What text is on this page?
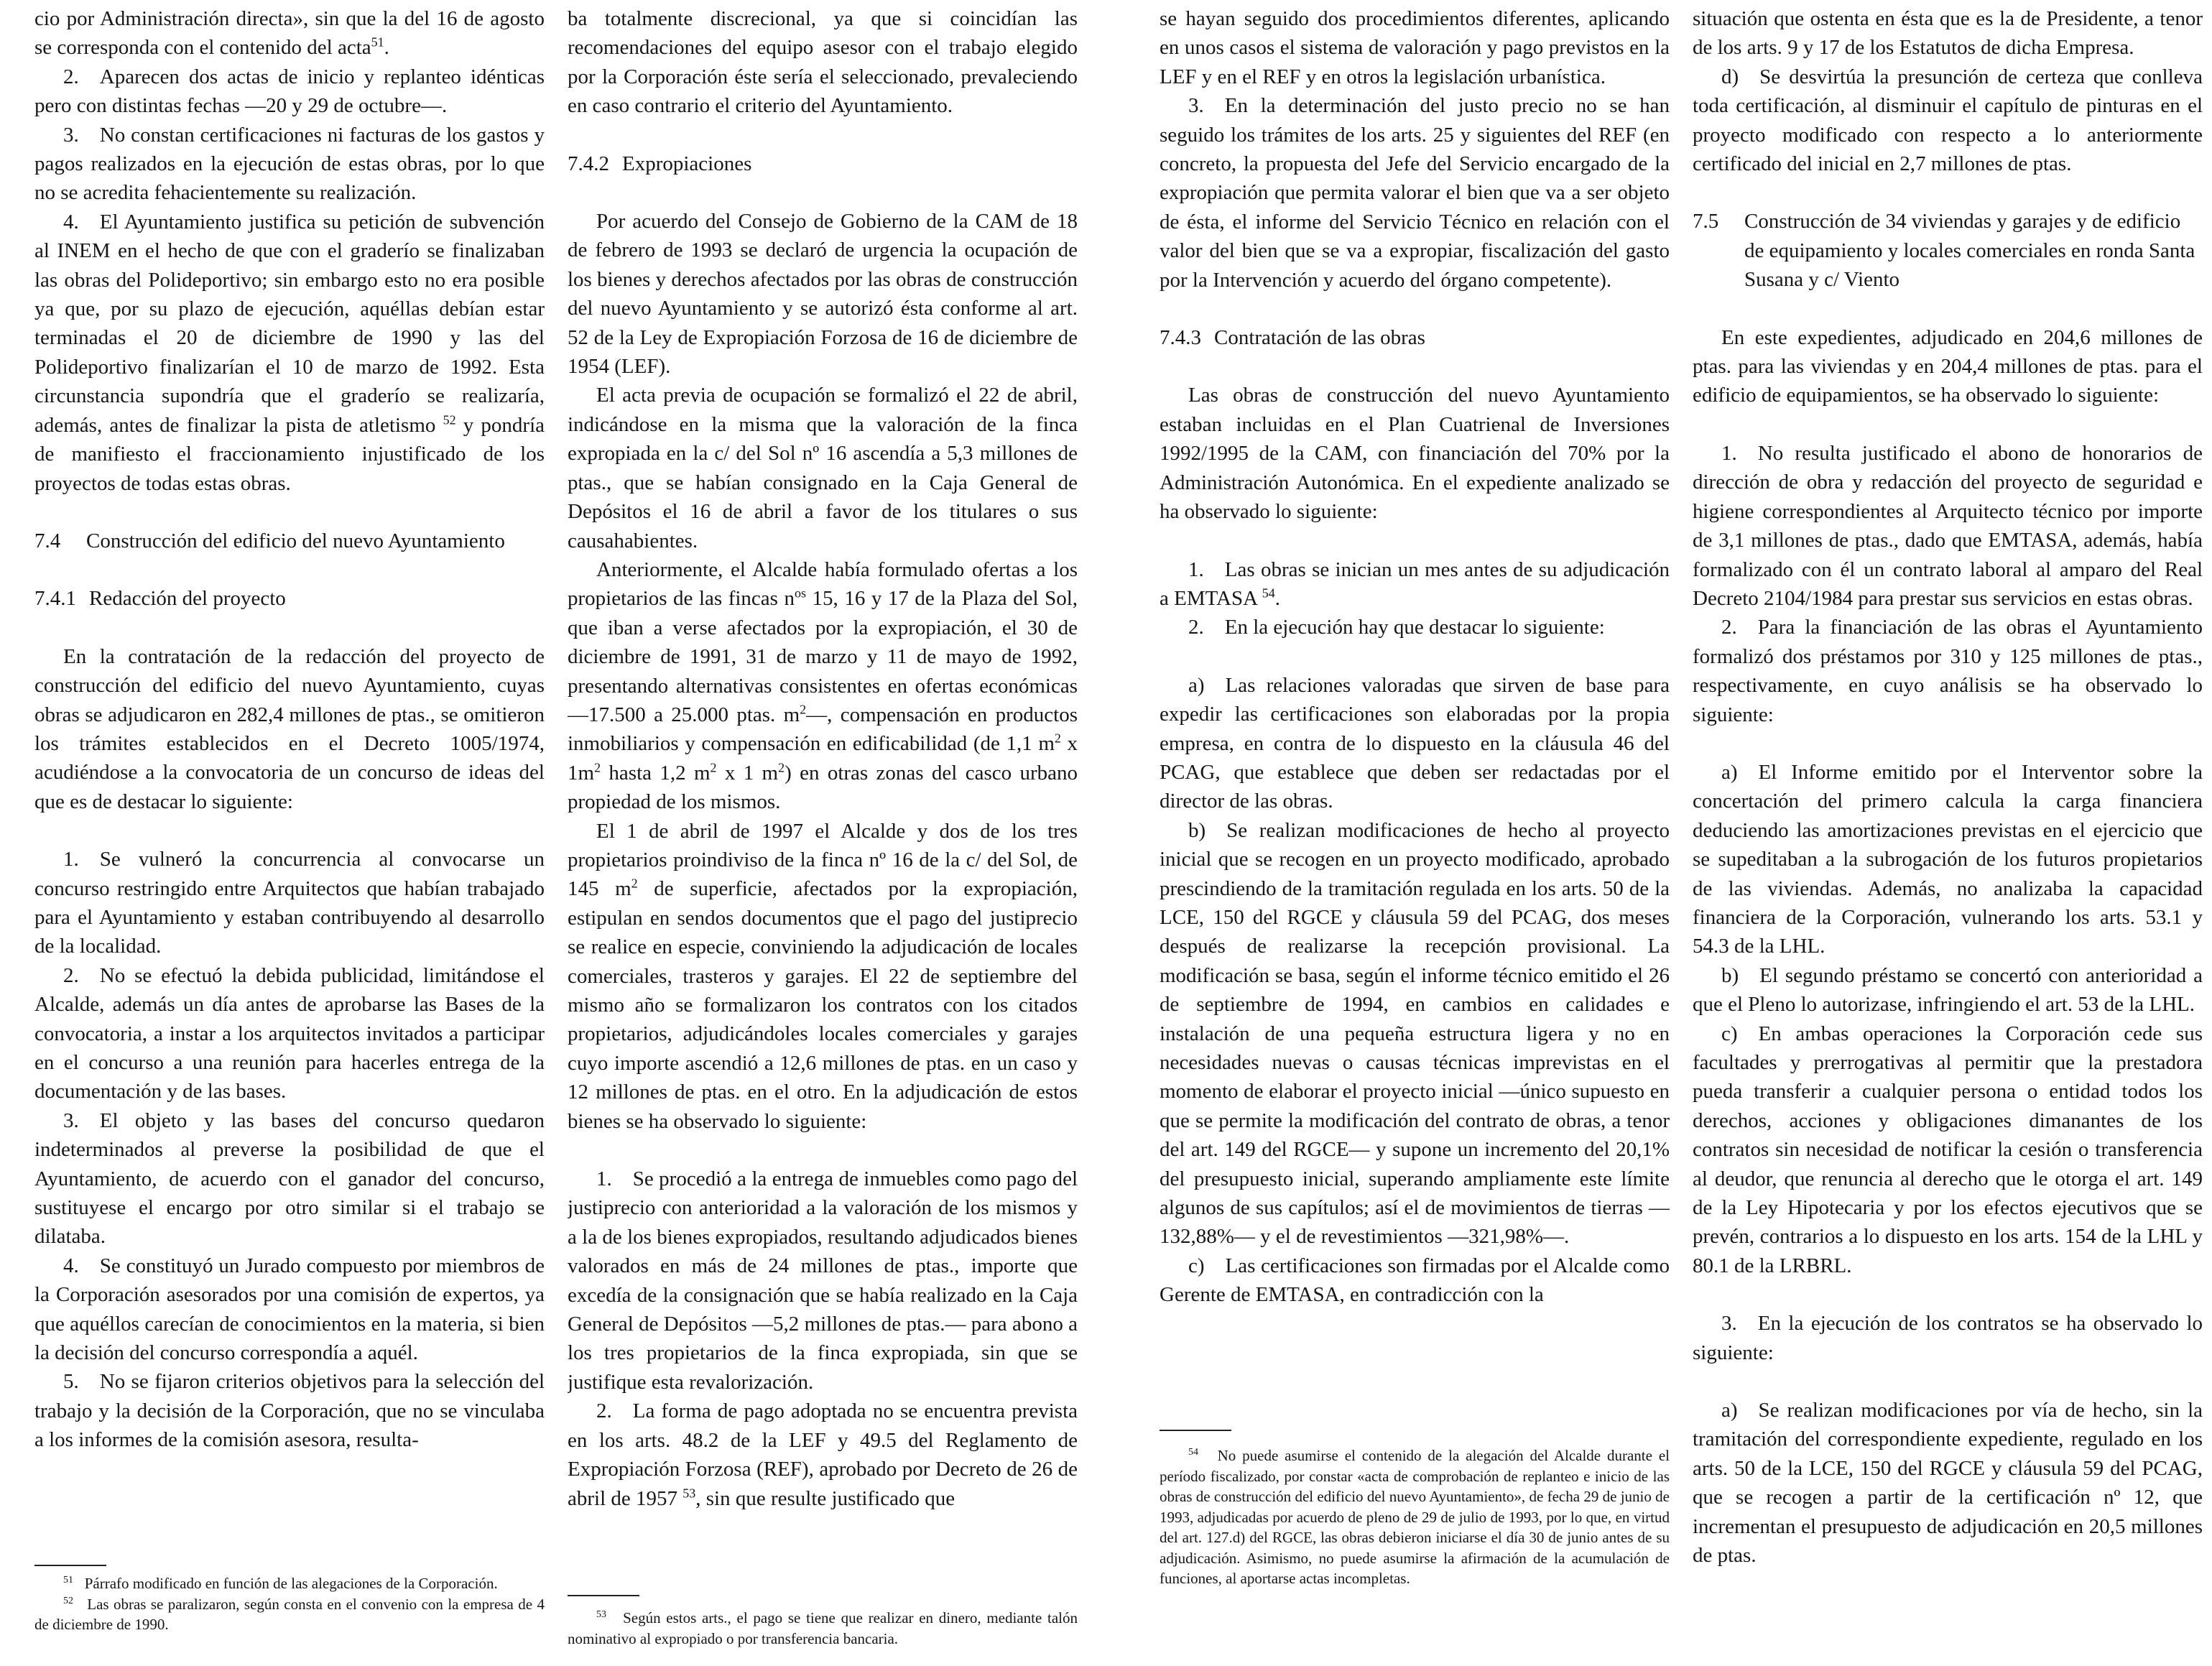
cio por Administración directa», sin que la del 16 de agosto se corresponda con el contenido del acta$^{51}$.

2. Aparecen dos actas de inicio y replanteo idénticas pero con distintas fechas —20 y 29 de octubre—.

3. No constan certificaciones ni facturas de los gastos y pagos realizados en la ejecución de estas obras, por lo que no se acredita fehacientemente su realización.

4. El Ayuntamiento justifica su petición de subvención al INEM en el hecho de que con el graderío se finalizaban las obras del Polideportivo; sin embargo esto no era posible ya que, por su plazo de ejecución, aquéllas debían estar terminadas el 20 de diciembre de 1990 y las del Polideportivo finalizarían el 10 de marzo de 1992. Esta circunstancia supondría que el graderío se realizaría, además, antes de finalizar la pista de atletismo $^{52}$ y pondría de manifiesto el fraccionamiento injustificado de los proyectos de todas estas obras.

7.4	Construcción del edificio del nuevo Ayuntamiento
7.4.1 Redacción del proyecto

En la contratación de la redacción del proyecto de construcción del edificio del nuevo Ayuntamiento, cuyas obras se adjudicaron en 282,4 millones de ptas., se omitieron los trámites establecidos en el Decreto 1005/1974, acudiéndose a la convocatoria de un concurso de ideas del que es de destacar lo siguiente:

1. Se vulneró la concurrencia al convocarse un concurso restringido entre Arquitectos que habían trabajado para el Ayuntamiento y estaban contribuyendo al desarrollo de la localidad.

2. No se efectuó la debida publicidad, limitándose el Alcalde, además un día antes de aprobarse las Bases de la convocatoria, a instar a los arquitectos invitados a participar en el concurso a una reunión para hacerles entrega de la documentación y de las bases.

3. El objeto y las bases del concurso quedaron indeterminados al preverse la posibilidad de que el Ayuntamiento, de acuerdo con el ganador del concurso, sustituyese el encargo por otro similar si el trabajo se dilataba.

4. Se constituyó un Jurado compuesto por miembros de la Corporación asesorados por una comisión de expertos, ya que aquéllos carecían de conocimientos en la materia, si bien la decisión del concurso correspondía a aquél.

5. No se fijaron criterios objetivos para la selección del trabajo y la decisión de la Corporación, que no se vinculaba a los informes de la comisión asesora, resulta-

$^{51}$ Párrafo modificado en función de las alegaciones de la Corporación.

$^{52}$ Las obras se paralizaron, según consta en el convenio con la empresa de 4 de diciembre de 1990.

ba totalmente discrecional, ya que si coincidían las recomendaciones del equipo asesor con el trabajo elegido por la Corporación éste sería el seleccionado, prevaleciendo en caso contrario el criterio del Ayuntamiento.

7.4.2 Expropiaciones

Por acuerdo del Consejo de Gobierno de la CAM de 18 de febrero de 1993 se declaró de urgencia la ocupación de los bienes y derechos afectados por las obras de construcción del nuevo Ayuntamiento y se autorizó ésta conforme al art. 52 de la Ley de Expropiación Forzosa de 16 de diciembre de 1954 (LEF).

El acta previa de ocupación se formalizó el 22 de abril, indicándose en la misma que la valoración de la finca expropiada en la c/ del Sol nº 16 ascendía a 5,3 millones de ptas., que se habían consignado en la Caja General de Depósitos el 16 de abril a favor de los titulares o sus causahabientes.

Anteriormente, el Alcalde había formulado ofertas a los propietarios de las fincas $n^{os}$ 15, 16 y 17 de la Plaza del Sol, que iban a verse afectados por la expropiación, el 30 de diciembre de 1991, 31 de marzo y 11 de mayo de 1992, presentando alternativas consistentes en ofertas económicas —17.500 a 25.000 ptas. $m^2—$, compensación en productos inmobiliarios y compensación en edificabilidad (de 1,1 $m^2$ x $1m^2$ hasta 1,2 $m^2$ x 1 $m^2$) en otras zonas del casco urbano propiedad de los mismos.

El 1 de abril de 1997 el Alcalde y dos de los tres propietarios proindiviso de la finca nº 16 de la c/ del Sol, de 145 $m^2$ de superficie, afectados por la expropiación, estipulan en sendos documentos que el pago del justiprecio se realice en especie, conviniendo la adjudicación de locales comerciales, trasteros y garajes. El 22 de septiembre del mismo año se formalizaron los contratos con los citados propietarios, adjudicándoles locales comerciales y garajes cuyo importe ascendió a 12,6 millones de ptas. en un caso y 12 millones de ptas. en el otro. En la adjudicación de estos bienes se ha observado lo siguiente:

1. Se procedió a la entrega de inmuebles como pago del justiprecio con anterioridad a la valoración de los mismos y a la de los bienes expropiados, resultando adjudicados bienes valorados en más de 24 millones de ptas., importe que excedía de la consignación que se había realizado en la Caja General de Depósitos —5,2 millones de ptas.— para abono a los tres propietarios de la finca expropiada, sin que se justifique esta revalorización.

2. La forma de pago adoptada no se encuentra prevista en los arts. 48.2 de la LEF y 49.5 del Reglamento de Expropiación Forzosa (REF), aprobado por Decreto de 26 de abril de 1957 $^{53}$, sin que resulte justificado que

$^{53}$ Según estos arts., el pago se tiene que realizar en dinero, mediante talón nominativo al expropiado o por transferencia bancaria.

se hayan seguido dos procedimientos diferentes, aplicando en unos casos el sistema de valoración y pago previstos en la LEF y en el REF y en otros la legislación urbanística.

3. En la determinación del justo precio no se han seguido los trámites de los arts. 25 y siguientes del REF (en concreto, la propuesta del Jefe del Servicio encargado de la expropiación que permita valorar el bien que va a ser objeto de ésta, el informe del Servicio Técnico en relación con el valor del bien que se va a expropiar, fiscalización del gasto por la Intervención y acuerdo del órgano competente).

7.4.3 Contratación de las obras

Las obras de construcción del nuevo Ayuntamiento estaban incluidas en el Plan Cuatrienal de Inversiones 1992/1995 de la CAM, con financiación del 70% por la Administración Autonómica. En el expediente analizado se ha observado lo siguiente:

1. Las obras se inician un mes antes de su adjudicación a EMTASA $^{54}$.

2. En la ejecución hay que destacar lo siguiente:

a) Las relaciones valoradas que sirven de base para expedir las certificaciones son elaboradas por la propia empresa, en contra de lo dispuesto en la cláusula 46 del PCAG, que establece que deben ser redactadas por el director de las obras.

b) Se realizan modificaciones de hecho al proyecto inicial que se recogen en un proyecto modificado, aprobado prescindiendo de la tramitación regulada en los arts. 50 de la LCE, 150 del RGCE y cláusula 59 del PCAG, dos meses después de realizarse la recepción provisional. La modificación se basa, según el informe técnico emitido el 26 de septiembre de 1994, en cambios en calidades e instalación de una pequeña estructura ligera y no en necesidades nuevas o causas técnicas imprevistas en el momento de elaborar el proyecto inicial —único supuesto en que se permite la modificación del contrato de obras, a tenor del art. 149 del RGCE— y supone un incremento del 20,1% del presupuesto inicial, superando ampliamente este límite algunos de sus capítulos; así el de movimientos de tierras —132,88%— y el de revestimientos —321,98%—.

c) Las certificaciones son firmadas por el Alcalde como Gerente de EMTASA, en contradicción con la

$^{54}$ No puede asumirse el contenido de la alegación del Alcalde durante el período fiscalizado, por constar «acta de comprobación de replanteo e inicio de las obras de construcción del edificio del nuevo Ayuntamiento», de fecha 29 de junio de 1993, adjudicadas por acuerdo de pleno de 29 de julio de 1993, por lo que, en virtud del art. 127.d) del RGCE, las obras debieron iniciarse el día 30 de junio antes de su adjudicación. Asimismo, no puede asumirse la afirmación de la acumulación de funciones, al aportarse actas incompletas.

situación que ostenta en ésta que es la de Presidente, a tenor de los arts. 9 y 17 de los Estatutos de dicha Empresa.

d) Se desvirtúa la presunción de certeza que conlleva toda certificación, al disminuir el capítulo de pinturas en el proyecto modificado con respecto a lo anteriormente certificado del inicial en 2,7 millones de ptas.

7.5	Construcción de 34 viviendas y garajes y de edificio de equipamiento y locales comerciales en ronda Santa Susana y c/ Viento

En este expedientes, adjudicado en 204,6 millones de ptas. para las viviendas y en 204,4 millones de ptas. para el edificio de equipamientos, se ha observado lo siguiente:

1. No resulta justificado el abono de honorarios de dirección de obra y redacción del proyecto de seguridad e higiene correspondientes al Arquitecto técnico por importe de 3,1 millones de ptas., dado que EMTASA, además, había formalizado con él un contrato laboral al amparo del Real Decreto 2104/1984 para prestar sus servicios en estas obras.

2. Para la financiación de las obras el Ayuntamiento formalizó dos préstamos por 310 y 125 millones de ptas., respectivamente, en cuyo análisis se ha observado lo siguiente:

a) El Informe emitido por el Interventor sobre la concertación del primero calcula la carga financiera deduciendo las amortizaciones previstas en el ejercicio que se supeditaban a la subrogación de los futuros propietarios de las viviendas. Además, no analizaba la capacidad financiera de la Corporación, vulnerando los arts. 53.1 y 54.3 de la LHL.

b) El segundo préstamo se concertó con anterioridad a que el Pleno lo autorizase, infringiendo el art. 53 de la LHL.

c) En ambas operaciones la Corporación cede sus facultades y prerrogativas al permitir que la prestadora pueda transferir a cualquier persona o entidad todos los derechos, acciones y obligaciones dimanantes de los contratos sin necesidad de notificar la cesión o transferencia al deudor, que renuncia al derecho que le otorga el art. 149 de la Ley Hipotecaria y por los efectos ejecutivos que se prevén, contrarios a lo dispuesto en los arts. 154 de la LHL y 80.1 de la LRBRL.

3. En la ejecución de los contratos se ha observado lo siguiente:

a) Se realizan modificaciones por vía de hecho, sin la tramitación del correspondiente expediente, regulado en los arts. 50 de la LCE, 150 del RGCE y cláusula 59 del PCAG, que se recogen a partir de la certificación nº 12, que incrementan el presupuesto de adjudicación en 20,5 millones de ptas.
